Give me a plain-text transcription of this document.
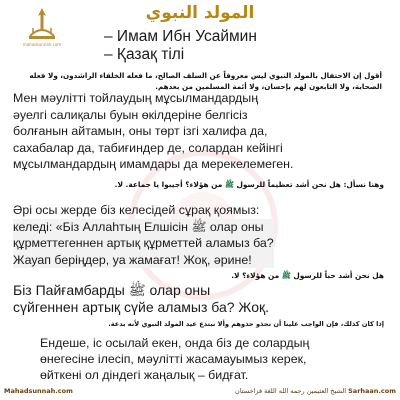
mahadsunnah.com
المولد النبوي
– Имам Ибн Усаймин
– Қазақ тілі
أقول إن الاحتفال بالمولد النبوي ليس معروفاً عن السلف الصالح، ما فعله الخلفاء الراشدون، ولا فعله الصحابة، ولا التابعون لهم بإحسان، ولا أئمة المسلمين من بعدهم.
Мен мәулітті тойлаудың мұсылмандардың
әуелгі салиқалы буын өкілдеріне белгісіз
болғанын айтамын, оны төрт ізгі халифа да,
сахабалар да, табиғиндер де, солардан кейінгі
мұсылмандардың имамдары да мерекелемеген.
وهنا نسأل: هل نحن أشد تعظيماً للرسول ﷺ من هؤلاء؟ أجيبوا يا جماعة. لا.
Әрі осы жерде біз келесідей сұрақ қоямыз:
келеді: «Біз Аллаһтың Елшісін ﷺ олар оны
құрметтегеннен артық құрметтей аламыз ба?
Жауап беріңдер, уа жамағат! Жоқ, әрине!
هل نحن أشد حباً للرسول ﷺ من هؤلاء؟ لا.
Біз Пайғамбарды ﷺ олар оны
сүйгеннен артық сүйе аламыз ба? Жоқ.
إذا كان كذلك، فإن الواجب علينا أن نحذو حذوهم وألا نبتدع عيد المولد النبوي لأنه بدعة.
Ендеше, іс осылай екен, онда біз де солардың
өнегесіне ілесіп, мәулітті жасамауымыз керек,
өйткені ол діндегі жаңалық – бидғат.
Mahadsunnah.com	Sarhaan.com الشيخ العثيمين رحمه الله اللغة قزاخستان
